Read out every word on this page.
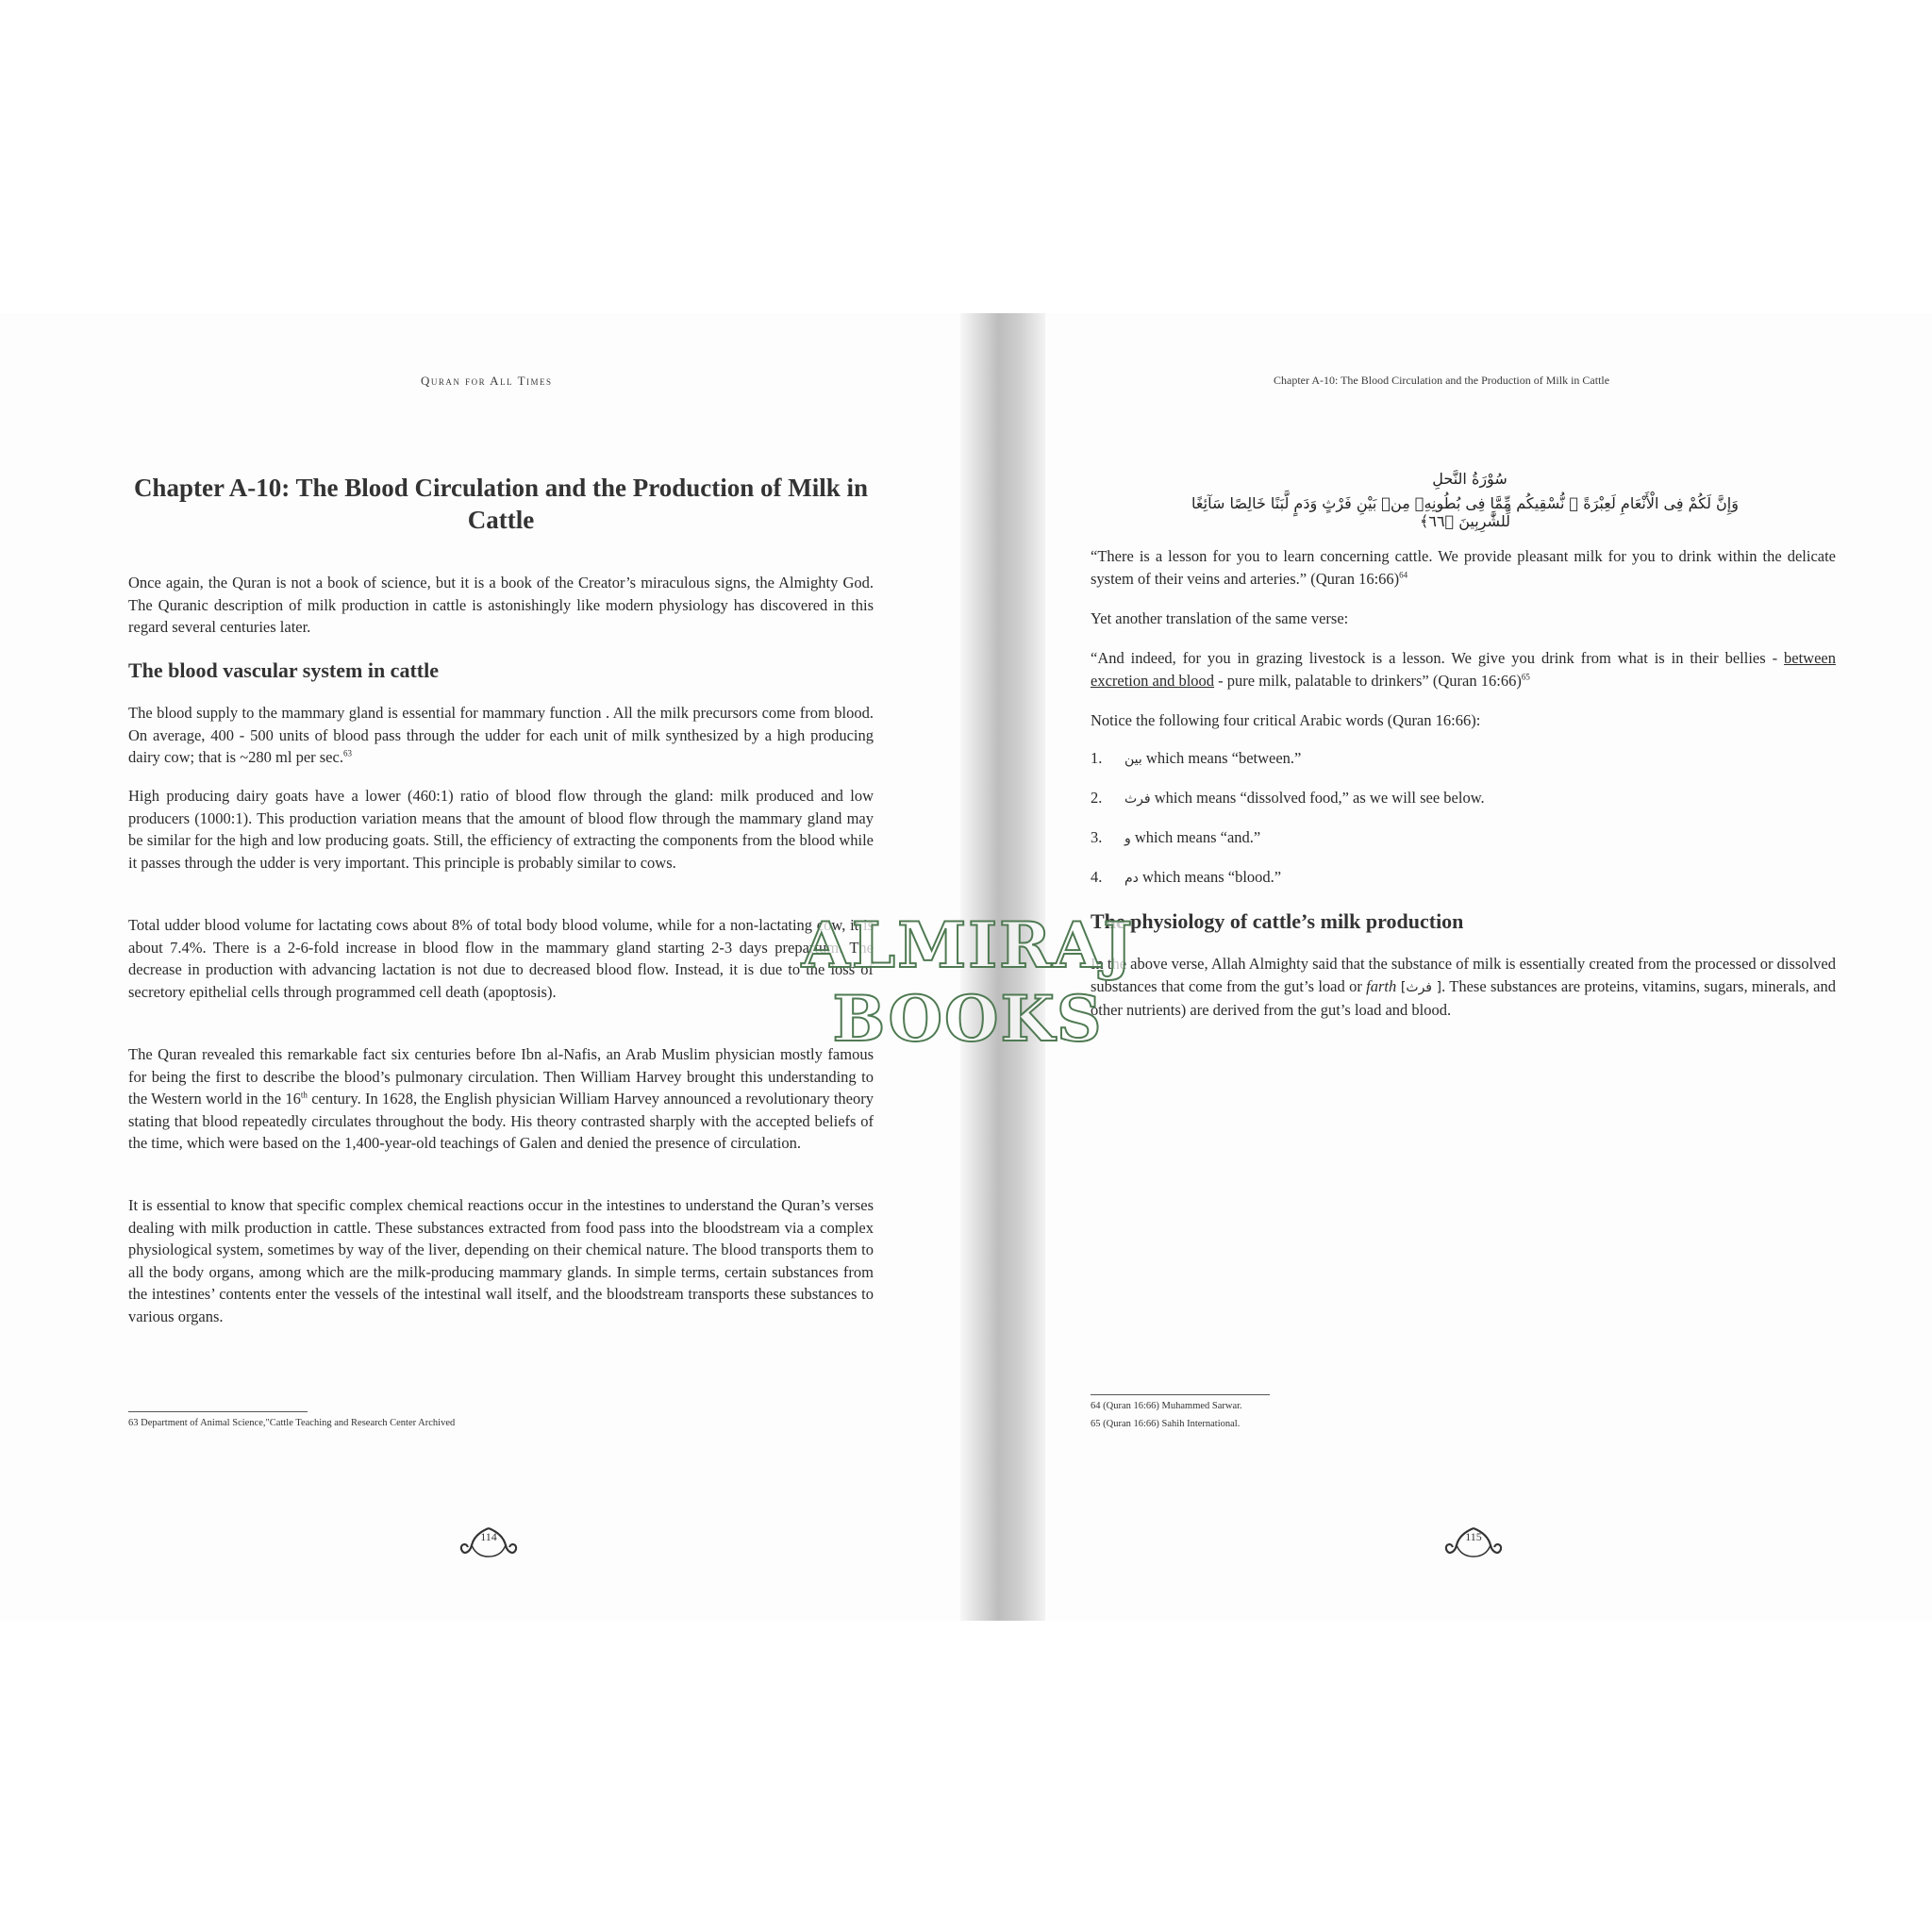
Quran for All Times
Chapter A-10: The Blood Circulation and the Production of Milk in Cattle

Once again, the Quran is not a book of science, but it is a book of the Creator’s miraculous signs, the Almighty God. The Quranic description of milk production in cattle is astonishingly like modern physiology has discovered in this regard several centuries later.

The blood vascular system in cattle

The blood supply to the mammary gland is essential for mammary function . All the milk precursors come from blood. On average, 400 - 500 units of blood pass through the udder for each unit of milk synthesized by a high producing dairy cow; that is ~280 ml per sec.$^{63}$

High producing dairy goats have a lower (460:1) ratio of blood flow through the gland: milk produced and low producers (1000:1). This production variation means that the amount of blood flow through the mammary gland may be similar for the high and low producing goats. Still, the efficiency of extracting the components from the blood while it passes through the udder is very important. This principle is probably similar to cows.

Total udder blood volume for lactating cows about 8% of total body blood volume, while for a non-lactating cow, it is about 7.4%. There is a 2-6-fold increase in blood flow in the mammary gland starting 2-3 days prepartum. The decrease in production with advancing lactation is not due to decreased blood flow. Instead, it is due to the loss of secretory epithelial cells through programmed cell death (apoptosis).

The Quran revealed this remarkable fact six centuries before Ibn al-Nafis, an Arab Muslim physician mostly famous for being the first to describe the blood’s pulmonary circulation. Then William Harvey brought this understanding to the Western world in the 16th century. In 1628, the English physician William Harvey announced a revolutionary theory stating that blood repeatedly circulates throughout the body. His theory contrasted sharply with the accepted beliefs of the time, which were based on the 1,400-year-old teachings of Galen and denied the presence of circulation.

It is essential to know that specific complex chemical reactions occur in the intestines to understand the Quran’s verses dealing with milk production in cattle. These substances extracted from food pass into the bloodstream via a complex physiological system, sometimes by way of the liver, depending on their chemical nature. The blood transports them to all the body organs, among which are the milk-producing mammary glands. In simple terms, certain substances from the intestines’ contents enter the vessels of the intestinal wall itself, and the bloodstream transports these substances to various organs.

63 Department of Animal Science,"Cattle Teaching and Research Center Archived
114
Chapter A-10: The Blood Circulation and the Production of Milk in Cattle
سُوْرَةُ النَّحلِ
وَإِنَّ لَكُمْ فِى الْأَنْعَامِ لَعِبْرَةً ۖ نُّسْقِيكُم مِّمَّا فِى بُطُونِهِۦ مِنۢ بَيْنِ فَرْثٍ وَدَمٍ لَّبَنًا خَالِصًا سَآئِغًا لِّلشَّٰرِبِينَ ﴿٦٦﴾

“There is a lesson for you to learn concerning cattle. We provide pleasant milk for you to drink within the delicate system of their veins and arteries.” (Quran 16:66)$^{64}$

Yet another translation of the same verse:

“And indeed, for you in grazing livestock is a lesson. We give you drink from what is in their bellies - between excretion and blood - pure milk, palatable to drinkers” (Quran 16:66)$^{65}$

Notice the following four critical Arabic words (Quran 16:66):

1. بين which means “between.”
2. فرث which means “dissolved food,” as we will see below.
3. و which means “and.”
4. دم which means “blood.”
The physiology of cattle’s milk production

In the above verse, Allah Almighty said that the substance of milk is essentially created from the processed or dissolved substances that come from the gut’s load or farth [فرث ]. These substances are proteins, vitamins, sugars, minerals, and other nutrients) are derived from the gut’s load and blood.

64 (Quran 16:66) Muhammed Sarwar.
65 (Quran 16:66) Sahih International.
115
ALMIRAJ BOOKS
